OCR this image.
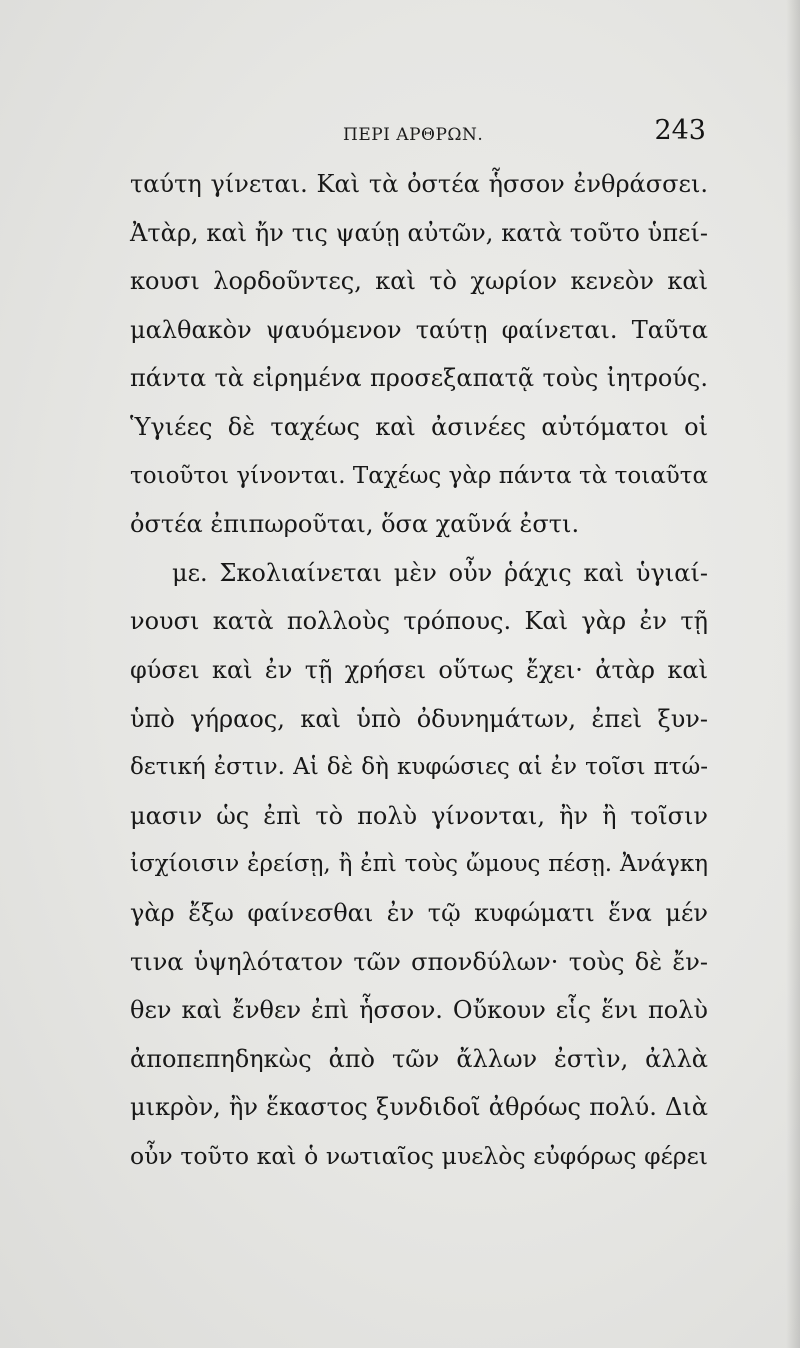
ΠΕΡΙ ΑΡΘΡΩΝ.	243
ταύτη γίνεται. Καὶ τὰ ὀστέα ἧσσον ἐνθράσσει.
Ἀτὰρ, καὶ ἤν τις ψαύῃ αὐτῶν, κατὰ τοῦτο ὑπεί-
κουσι λορδοῦντες, καὶ τὸ χωρίον κενεὸν καὶ
μαλθακὸν ψαυόμενον ταύτῃ φαίνεται. Ταῦτα
πάντα τὰ εἰρημένα προσεξαπατᾷ τοὺς ἰητρούς.
Ὑγιέες δὲ ταχέως καὶ ἀσινέες αὐτόματοι οἱ
τοιοῦτοι γίνονται. Ταχέως γὰρ πάντα τὰ τοιαῦτα
ὀστέα ἐπιπωροῦται, ὅσα χαῦνά ἐστι.
με. Σκολιαίνεται μὲν οὖν ῥάχις καὶ ὑγιαί-
νουσι κατὰ πολλοὺς τρόπους. Καὶ γὰρ ἐν τῇ
φύσει καὶ ἐν τῇ χρήσει οὕτως ἔχει· ἀτὰρ καὶ
ὑπὸ γήραος, καὶ ὑπὸ ὀδυνημάτων, ἐπεὶ ξυν-
δετική ἐστιν. Αἱ δὲ δὴ κυφώσιες αἱ ἐν τοῖσι πτώ-
μασιν ὡς ἐπὶ τὸ πολὺ γίνονται, ἢν ἢ τοῖσιν
ἰσχίοισιν ἐρείσῃ, ἢ ἐπὶ τοὺς ὤμους πέσῃ. Ἀνάγκη
γὰρ ἔξω φαίνεσθαι ἐν τῷ κυφώματι ἕνα μέν
τινα ὑψηλότατον τῶν σπονδύλων· τοὺς δὲ ἔν-
θεν καὶ ἔνθεν ἐπὶ ἧσσον. Οὔκουν εἷς ἕνι πολὺ
ἀποπεπηδηκὼς ἀπὸ τῶν ἄλλων ἐστὶν, ἀλλὰ
μικρὸν, ἢν ἕκαστος ξυνδιδοῖ ἀθρόως πολύ. Διὰ
οὖν τοῦτο καὶ ὁ νωτιαῖος μυελὸς εὐφόρως φέρει
